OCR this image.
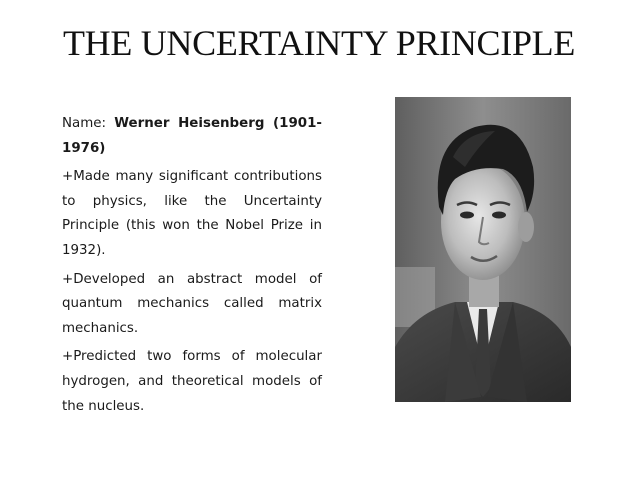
THE UNCERTAINTY PRINCIPLE

Name: Werner Heisenberg (1901-1976)

+Made many significant contributions to physics, like the Uncertainty Principle (this won the Nobel Prize in 1932).

+Developed an abstract model of quantum mechanics called matrix mechanics.

+Predicted two forms of molecular hydrogen, and theoretical models of the nucleus.
